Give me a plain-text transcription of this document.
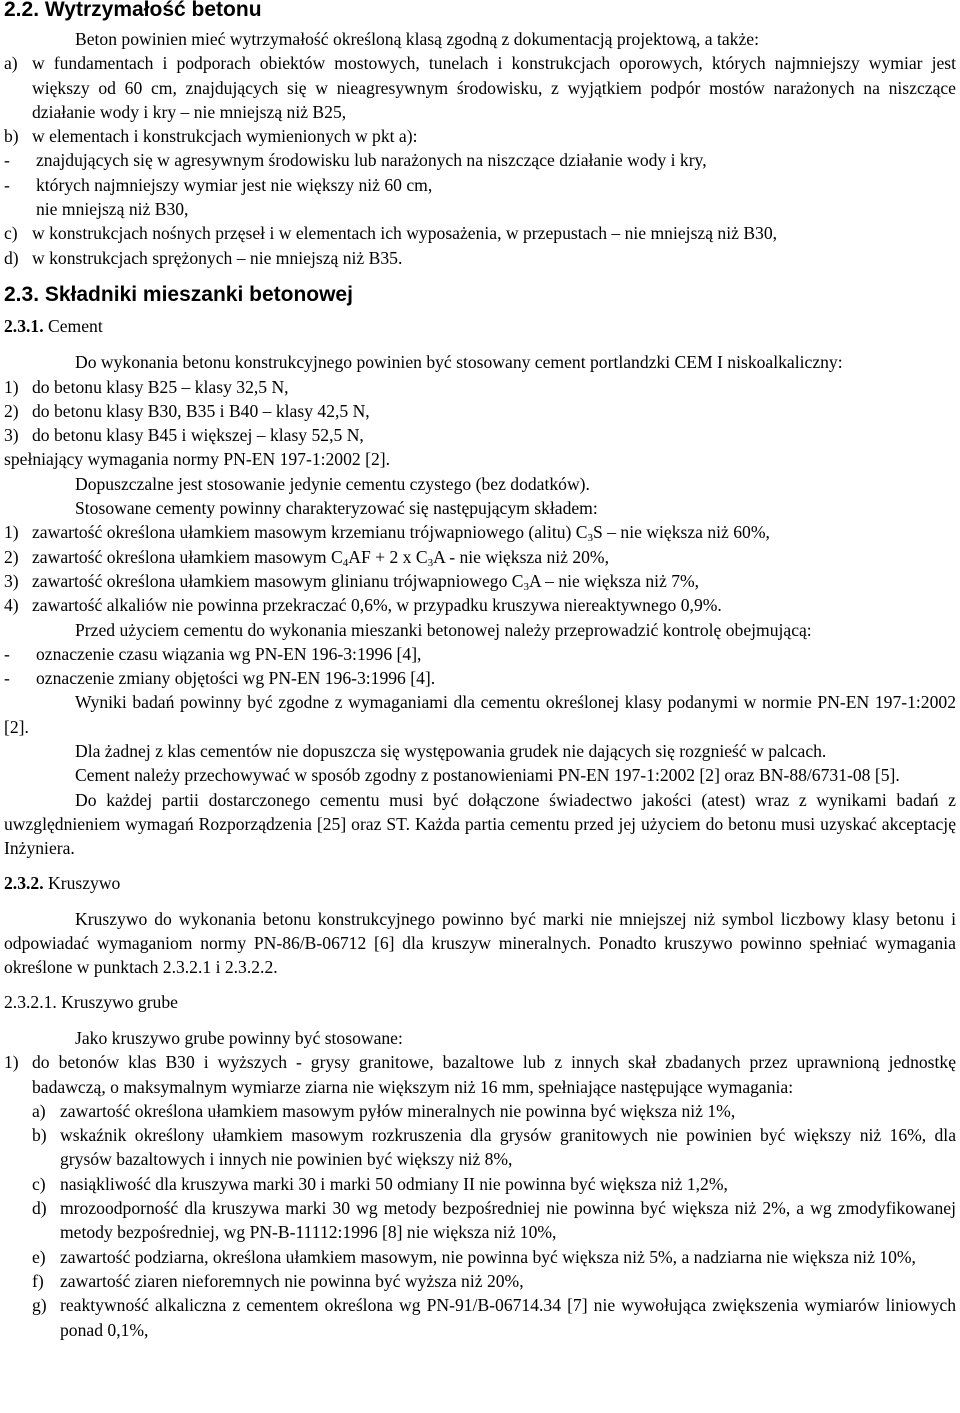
2.2. Wytrzymałość betonu

Beton powinien mieć wytrzymałość określoną klasą zgodną z dokumentacją projektową, a także:

a) w fundamentach i podporach obiektów mostowych, tunelach i konstrukcjach oporowych, których najmniejszy wymiar jest większy od 60 cm, znajdujących się w nieagresywnym środowisku, z wyjątkiem podpór mostów narażonych na niszczące działanie wody i kry – nie mniejszą niż B25,
b) w elementach i konstrukcjach wymienionych w pkt a):
-	znajdujących się w agresywnym środowisku lub narażonych na niszczące działanie wody i kry,
-	których najmniejszy wymiar jest nie większy niż 60 cm,

nie mniejszą niż B30,

c) w konstrukcjach nośnych przęseł i w elementach ich wyposażenia, w przepustach – nie mniejszą niż B30,
d) w konstrukcjach sprężonych – nie mniejszą niż B35.
2.3. Składniki mieszanki betonowej

2.3.1. Cement

Do wykonania betonu konstrukcyjnego powinien być stosowany cement portlandzki CEM I niskoalkaliczny:

1) do betonu klasy B25 – klasy 32,5 N,
2) do betonu klasy B30, B35 i B40 – klasy 42,5 N,
3) do betonu klasy B45 i większej – klasy 52,5 N,

spełniający wymagania normy PN-EN 197-1:2002 [2].

Dopuszczalne jest stosowanie jedynie cementu czystego (bez dodatków).

Stosowane cementy powinny charakteryzować się następującym składem:

1) zawartość określona ułamkiem masowym krzemianu trójwapniowego (alitu) $C_3S$ – nie większa niż 60%,
2) zawartość określona ułamkiem masowym $C_4AF + 2$ x $C_3A$ - nie większa niż 20%,
3) zawartość określona ułamkiem masowym glinianu trójwapniowego $C_3A$ – nie większa niż 7%,
4) zawartość alkaliów nie powinna przekraczać 0,6%, w przypadku kruszywa niereaktywnego 0,9%.

Przed użyciem cementu do wykonania mieszanki betonowej należy przeprowadzić kontrolę obejmującą:

-	oznaczenie czasu wiązania wg PN-EN 196-3:1996 [4],
-	oznaczenie zmiany objętości wg PN-EN 196-3:1996 [4].

Wyniki badań powinny być zgodne z wymaganiami dla cementu określonej klasy podanymi w normie PN-EN 197-1:2002 [2].

Dla żadnej z klas cementów nie dopuszcza się występowania grudek nie dających się rozgnieść w palcach.

Cement należy przechowywać w sposób zgodny z postanowieniami PN-EN 197-1:2002 [2] oraz BN-88/6731-08 [5].

Do każdej partii dostarczonego cementu musi być dołączone świadectwo jakości (atest) wraz z wynikami badań z uwzględnieniem wymagań Rozporządzenia [25] oraz ST. Każda partia cementu przed jej użyciem do betonu musi uzyskać akceptację Inżyniera.

2.3.2. Kruszywo

Kruszywo do wykonania betonu konstrukcyjnego powinno być marki nie mniejszej niż symbol liczbowy klasy betonu i odpowiadać wymaganiom normy PN-86/B-06712 [6] dla kruszyw mineralnych. Ponadto kruszywo powinno spełniać wymagania określone w punktach 2.3.2.1 i 2.3.2.2.

2.3.2.1. Kruszywo grube

Jako kruszywo grube powinny być stosowane:

1) do betonów klas B30 i wyższych - grysy granitowe, bazaltowe lub z innych skał zbadanych przez uprawnioną jednostkę badawczą, o maksymalnym wymiarze ziarna nie większym niż 16 mm, spełniające następujące wymagania:
a) zawartość określona ułamkiem masowym pyłów mineralnych nie powinna być większa niż 1%,
b) wskaźnik określony ułamkiem masowym rozkruszenia dla grysów granitowych nie powinien być większy niż 16%, dla grysów bazaltowych i innych nie powinien być większy niż 8%,
c) nasiąkliwość dla kruszywa marki 30 i marki 50 odmiany II nie powinna być większa niż 1,2%,
d) mrozoodporność dla kruszywa marki 30 wg metody bezpośredniej nie powinna być większa niż 2%, a wg zmodyfikowanej metody bezpośredniej, wg PN-B-11112:1996 [8] nie większa niż 10%,
e) zawartość podziarna, określona ułamkiem masowym, nie powinna być większa niż 5%, a nadziarna nie większa niż 10%,
f) zawartość ziaren nieforemnych nie powinna być wyższa niż 20%,
g) reaktywność alkaliczna z cementem określona wg PN-91/B-06714.34 [7] nie wywołująca zwiększenia wymiarów liniowych ponad 0,1%,
